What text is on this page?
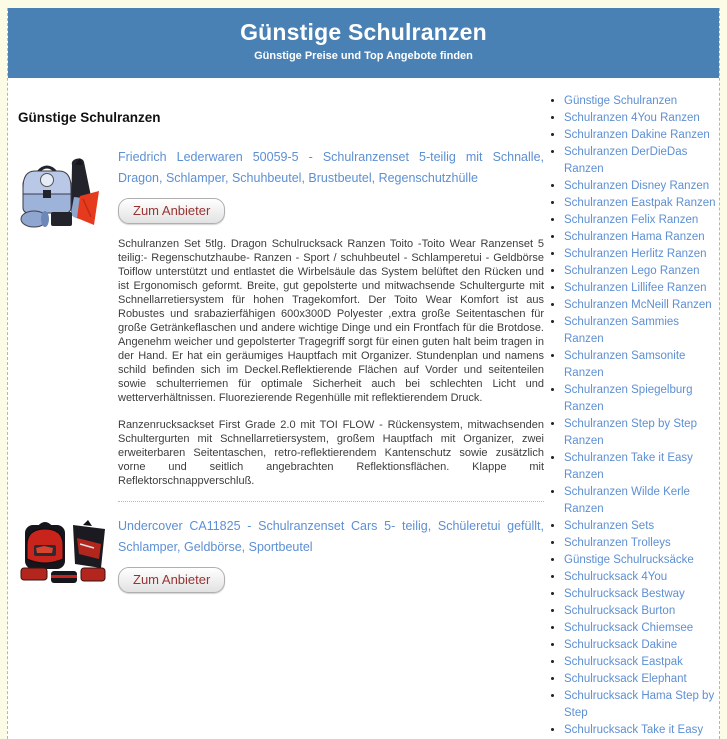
Günstige Schulranzen
Günstige Preise und Top Angebote finden
Günstige Schulranzen
Friedrich Lederwaren 50059-5 - Schulranzenset 5-teilig mit Schnalle, Dragon, Schlamper, Schuhbeutel, Brustbeutel, Regenschutzhülle
Zum Anbieter

Schulranzen Set 5tlg. Dragon Schulrucksack Ranzen Toito -Toito Wear Ranzenset 5 teilig:- Regenschutzhaube- Ranzen - Sport / schuhbeutel - Schlamperetui - Geldbörse Toiflow unterstützt und entlastet die Wirbelsäule das System belüftet den Rücken und ist Ergonomisch geformt. Breite, gut gepolsterte und mitwachsende Schultergurte mit Schnellarretiersystem für hohen Tragekomfort. Der Toito Wear Komfort ist aus Robustes und srabazierfähigen 600x300D Polyester ,extra große Seitentaschen für große Getränkeflaschen und andere wichtige Dinge und ein Frontfach für die Brotdose. Angenehm weicher und gepolsterter Tragegriff sorgt für einen guten halt beim tragen in der Hand. Er hat ein geräumiges Hauptfach mit Organizer. Stundenplan und namens schild befinden sich im Deckel.Reflektierende Flächen auf Vorder und seitenteilen sowie schulterriemen für optimale Sicherheit auch bei schlechten Licht und wetterverhältnissen. Fluorezierende Regenhülle mit reflektierendem Druck.

Ranzenrucksackset First Grade 2.0 mit TOI FLOW - Rückensystem, mitwachsenden Schultergurten mit Schnellarretiersystem, großem Hauptfach mit Organizer, zwei erweiterbaren Seitentaschen, retro-reflektierendem Kantenschutz sowie zusätzlich vorne und seitlich angebrachten Reflektionsflächen. Klappe mit Reflektorschnappverschluß.

Undercover CA11825 - Schulranzenset Cars 5- teilig, Schüleretui gefüllt, Schlamper, Geldbörse, Sportbeutel
Zum Anbieter
• Günstige Schulranzen
• Schulranzen 4You Ranzen
• Schulranzen Dakine Ranzen
• Schulranzen DerDieDas Ranzen
• Schulranzen Disney Ranzen
• Schulranzen Eastpak Ranzen
• Schulranzen Felix Ranzen
• Schulranzen Hama Ranzen
• Schulranzen Herlitz Ranzen
• Schulranzen Lego Ranzen
• Schulranzen Lillifee Ranzen
• Schulranzen McNeill Ranzen
• Schulranzen Sammies Ranzen
• Schulranzen Samsonite Ranzen
• Schulranzen Spiegelburg Ranzen
• Schulranzen Step by Step Ranzen
• Schulranzen Take it Easy Ranzen
• Schulranzen Wilde Kerle Ranzen
• Schulranzen Sets
• Schulranzen Trolleys
• Günstige Schulrucksäcke
• Schulrucksack 4You
• Schulrucksack Bestway
• Schulrucksack Burton
• Schulrucksack Chiemsee
• Schulrucksack Dakine
• Schulrucksack Eastpak
• Schulrucksack Elephant
• Schulrucksack Hama Step by Step
• Schulrucksack Take it Easy
